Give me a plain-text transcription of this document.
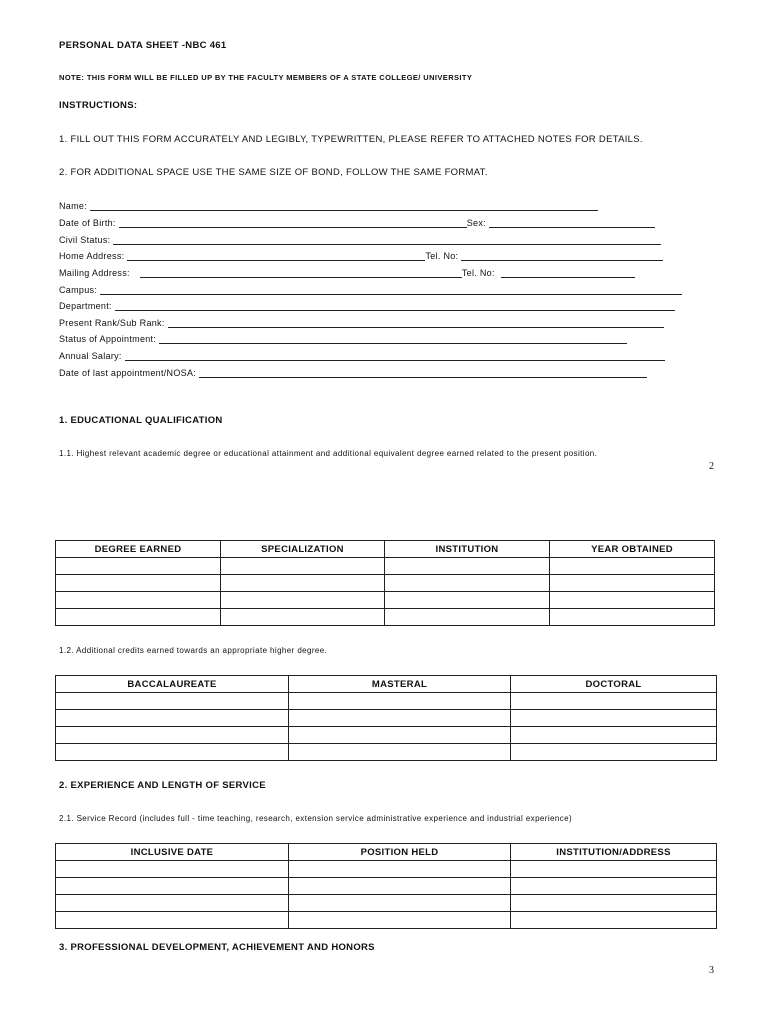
PERSONAL DATA SHEET -NBC 461
NOTE: THIS FORM WILL BE FILLED UP BY THE FACULTY MEMBERS OF A STATE COLLEGE/ UNIVERSITY
INSTRUCTIONS:
1. FILL OUT THIS FORM ACCURATELY AND LEGIBLY, TYPEWRITTEN, PLEASE REFER TO ATTACHED NOTES FOR DETAILS.
2. FOR ADDITIONAL SPACE USE THE SAME SIZE OF BOND, FOLLOW THE SAME FORMAT.
Name:
Date of Birth:	Sex:
Civil Status:
Home Address:	Tel. No:
Mailing Address:	Tel. No:
Campus:
Department:
Present Rank/Sub Rank:
Status of Appointment:
Annual Salary:
Date of last appointment/NOSA:
1. EDUCATIONAL QUALIFICATION
1.1. Highest relevant academic degree or educational attainment and additional equivalent degree earned related to the present position.
2
DEGREE EARNED	SPECIALIZATION	INSTITUTION	YEAR OBTAINED

1.2. Additional credits earned towards an appropriate higher degree.
BACCALAUREATE	MASTERAL	DOCTORAL

2. EXPERIENCE AND LENGTH OF SERVICE
2.1. Service Record (includes full - time teaching, research, extension service administrative experience and industrial experience)
INCLUSIVE DATE	POSITION HELD	INSTITUTION/ADDRESS

3. PROFESSIONAL DEVELOPMENT, ACHIEVEMENT AND HONORS
3
